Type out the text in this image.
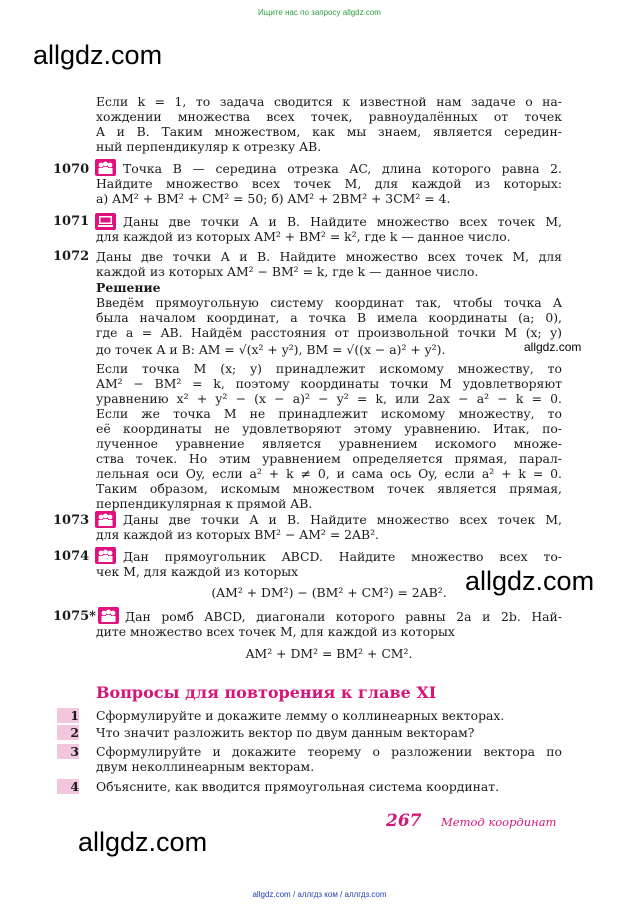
Ищите нас по запросу allgdz.com
allgdz.com
allgdz.com
allgdz.com
allgdz.com
Если k = 1, то задача сводится к известной нам задаче о на-
хождении множества всех точек, равноудалённых от точек
A и B. Таким множеством, как мы знаем, является середин-
ный перпендикуляр к отрезку AB.
1070	Точка B — середина отрезка AC, длина которого равна 2.
Найдите множество всех точек M, для каждой из которых:
а) AM² + BM² + CM² = 50; б) AM² + 2BM² + 3CM² = 4.
1071	Даны две точки A и B. Найдите множество всех точек M,
для каждой из которых AM² + BM² = k², где k — данное число.
1072 Даны две точки A и B. Найдите множество всех точек M, для
каждой из которых AM² − BM² = k, где k — данное число.
Решение
Введём прямоугольную систему координат так, чтобы точка A
была началом координат, а точка B имела координаты (a; 0),
где a = AB. Найдём расстояния от произвольной точки M (x; y)
до точек A и B: AM = √(x² + y²), BM = √((x − a)² + y²).
Если точка M (x; y) принадлежит искомому множеству, то
AM² − BM² = k, поэтому координаты точки M удовлетворяют
уравнению x² + y² − (x − a)² − y² = k, или 2ax − a² − k = 0.
Если же точка M не принадлежит искомому множеству, то
её координаты не удовлетворяют этому уравнению. Итак, по-
лученное уравнение является уравнением искомого множе-
ства точек. Но этим уравнением определяется прямая, парал-
лельная оси Oy, если a² + k ≠ 0, и сама ось Oy, если a² + k = 0.
Таким образом, искомым множеством точек является прямая,
перпендикулярная к прямой AB.
1073	Даны две точки A и B. Найдите множество всех точек M,
для каждой из которых BM² − AM² = 2AB².
1074	Дан прямоугольник ABCD. Найдите множество всех то-
чек M, для каждой из которых
(AM² + DM²) − (BM² + CM²) = 2AB².
1075* Дан ромб ABCD, диагонали которого равны 2a и 2b. Най-
дите множество всех точек M, для каждой из которых
AM² + DM² = BM² + CM².
Вопросы для повторения к главе XI
1 Сформулируйте и докажите лемму о коллинеарных векторах.
2 Что значит разложить вектор по двум данным векторам?
3 Сформулируйте и докажите теорему о разложении вектора по
двум неколлинеарным векторам.
4 Объясните, как вводится прямоугольная система координат.
267 Метод координат
allgdz.com / аллгдз ком / аллгдз.com
